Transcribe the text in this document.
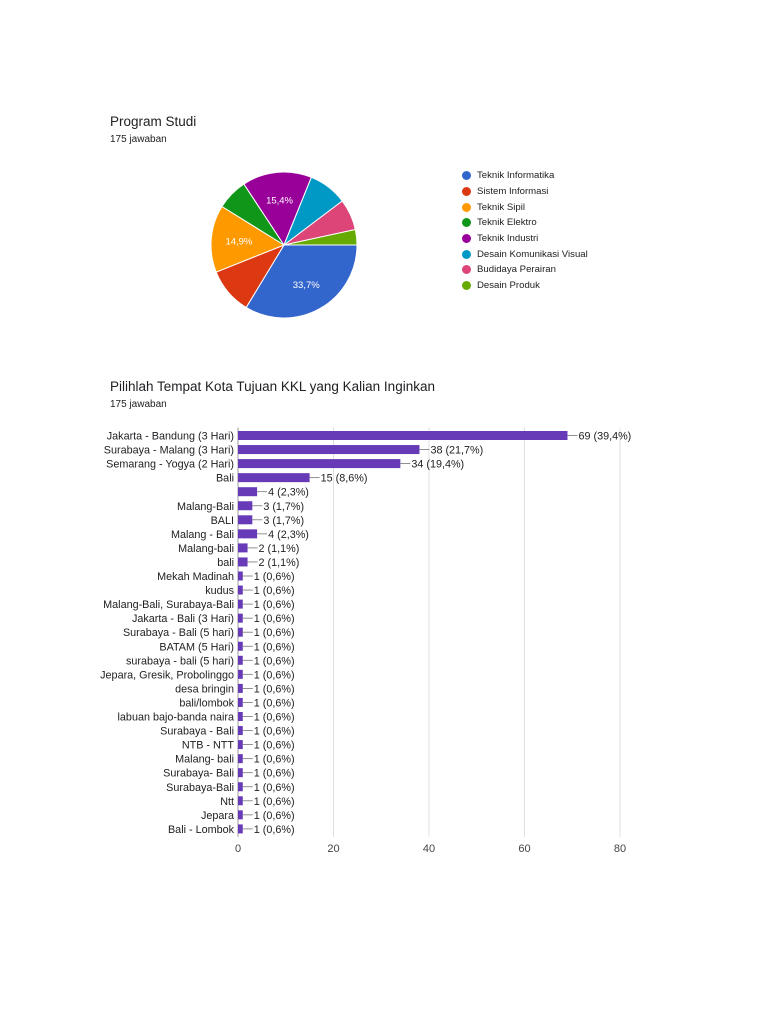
Program Studi
175 jawaban
33,7%
14,9%
15,4%
Teknik Informatika
Sistem Informasi
Teknik Sipil
Teknik Elektro
Teknik Industri
Desain Komunikasi Visual
Budidaya Perairan
Desain Produk
Pilihlah Tempat Kota Tujuan KKL yang Kalian Inginkan
175 jawaban
0	20	40	60	80
Jakarta - Bandung (3 Hari)	69 (39,4%)
Surabaya - Malang (3 Hari)	38 (21,7%)
Semarang - Yogya (2 Hari)	34 (19,4%)
Bali	15 (8,6%)
4 (2,3%)
Malang-Bali	3 (1,7%)
BALI	3 (1,7%)
Malang - Bali	4 (2,3%)
Malang-bali 2 (1,1%)
bali 2 (1,1%)
Mekah Madinah 1 (0,6%)
kudus 1 (0,6%)
Malang-Bali, Surabaya-Bali 1 (0,6%)
Jakarta - Bali (3 Hari) 1 (0,6%)
Surabaya - Bali (5 hari) 1 (0,6%)
BATAM (5 Hari) 1 (0,6%)
surabaya - bali (5 hari) 1 (0,6%)
Jepara, Gresik, Probolinggo 1 (0,6%)
desa bringin 1 (0,6%)
bali/lombok 1 (0,6%)
labuan bajo-banda naira 1 (0,6%)
Surabaya - Bali 1 (0,6%)
NTB - NTT 1 (0,6%)
Malang- bali 1 (0,6%)
Surabaya- Bali 1 (0,6%)
Surabaya-Bali 1 (0,6%)
Ntt 1 (0,6%)
Jepara 1 (0,6%)
Bali - Lombok 1 (0,6%)
